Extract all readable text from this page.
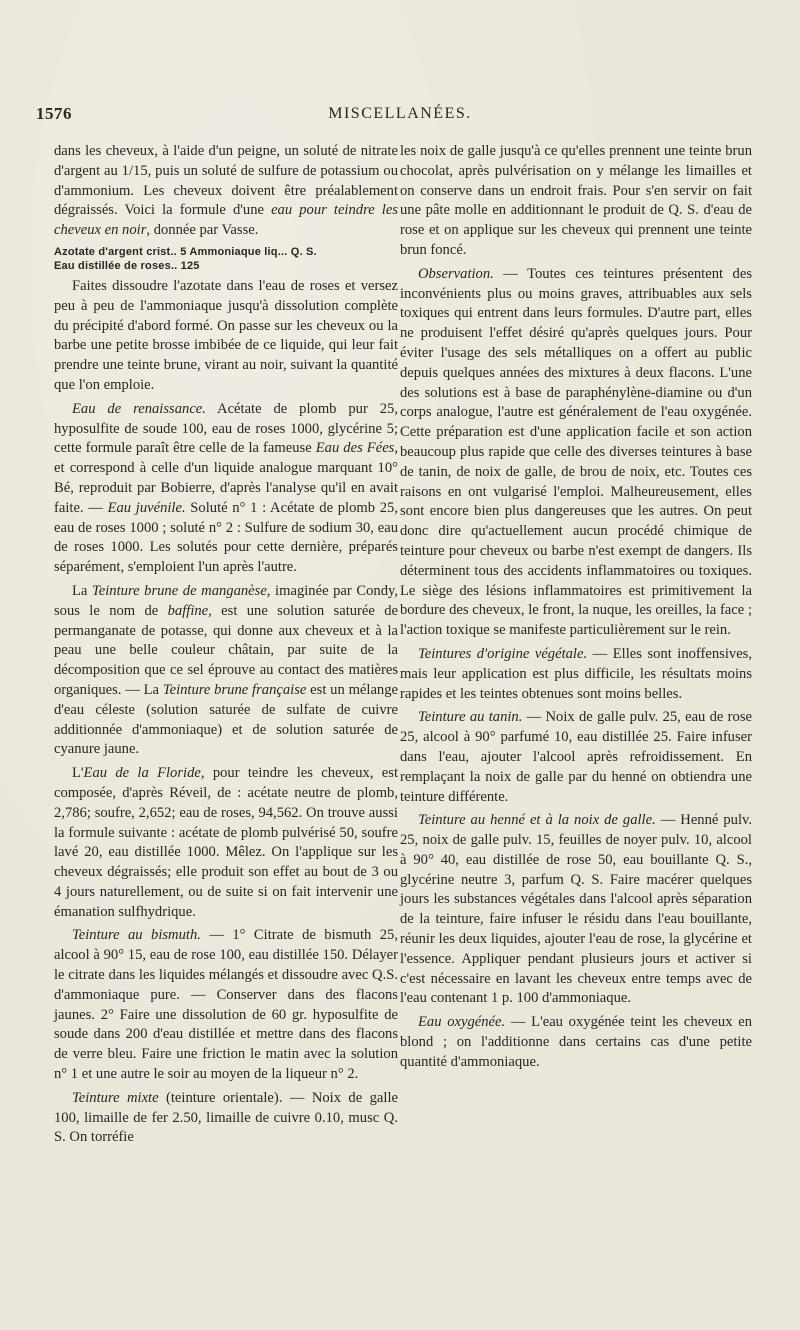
1576	MISCELLANÉES.

dans les cheveux, à l'aide d'un peigne, un soluté de nitrate d'argent au 1/15, puis un soluté de sulfure de potassium ou d'ammonium. Les cheveux doivent être préalablement dégraissés. Voici la formule d'une eau pour teindre les cheveux en noir, donnée par Vasse.

Azotate d'argent crist.. 5 Ammoniaque liq... Q. S.
Eau distillée de roses.. 125

Faites dissoudre l'azotate dans l'eau de roses et versez peu à peu de l'ammoniaque jusqu'à dissolution complète du précipité d'abord formé. On passe sur les cheveux ou la barbe une petite brosse imbibée de ce liquide, qui leur fait prendre une teinte brune, virant au noir, suivant la quantité que l'on emploie.

Eau de renaissance. Acétate de plomb pur 25, hyposulfite de soude 100, eau de roses 1000, glycérine 5; cette formule paraît être celle de la fameuse Eau des Fées, et correspond à celle d'un liquide analogue marquant 10° Bé, reproduit par Bobierre, d'après l'analyse qu'il en avait faite. — Eau juvénile. Soluté n° 1 : Acétate de plomb 25, eau de roses 1000 ; soluté n° 2 : Sulfure de sodium 30, eau de roses 1000. Les solutés pour cette dernière, préparés séparément, s'emploient l'un après l'autre.

La Teinture brune de manganèse, imaginée par Condy, sous le nom de baffine, est une solution saturée de permanganate de potasse, qui donne aux cheveux et à la peau une belle couleur châtain, par suite de la décomposition que ce sel éprouve au contact des matières organiques. — La Teinture brune française est un mélange d'eau céleste (solution saturée de sulfate de cuivre additionnée d'ammoniaque) et de solution saturée de cyanure jaune.

L'Eau de la Floride, pour teindre les cheveux, est composée, d'après Réveil, de : acétate neutre de plomb, 2,786; soufre, 2,652; eau de roses, 94,562. On trouve aussi la formule suivante : acétate de plomb pulvérisé 50, soufre lavé 20, eau distillée 1000. Mêlez. On l'applique sur les cheveux dégraissés; elle produit son effet au bout de 3 ou 4 jours naturellement, ou de suite si on fait intervenir une émanation sulfhydrique.

Teinture au bismuth. — 1° Citrate de bismuth 25, alcool à 90° 15, eau de rose 100, eau distillée 150. Délayer le citrate dans les liquides mélangés et dissoudre avec Q.S. d'ammoniaque pure. — Conserver dans des flacons jaunes. 2° Faire une dissolution de 60 gr. hyposulfite de soude dans 200 d'eau distillée et mettre dans des flacons de verre bleu. Faire une friction le matin avec la solution n° 1 et une autre le soir au moyen de la liqueur n° 2.

Teinture mixte (teinture orientale). — Noix de galle 100, limaille de fer 2.50, limaille de cuivre 0.10, musc Q. S. On torréfie

les noix de galle jusqu'à ce qu'elles prennent une teinte brun chocolat, après pulvérisation on y mélange les limailles et on conserve dans un endroit frais. Pour s'en servir on fait une pâte molle en additionnant le produit de Q. S. d'eau de rose et on applique sur les cheveux qui prennent une teinte brun foncé.

Observation. — Toutes ces teintures présentent des inconvénients plus ou moins graves, attribuables aux sels toxiques qui entrent dans leurs formules. D'autre part, elles ne produisent l'effet désiré qu'après quelques jours. Pour éviter l'usage des sels métalliques on a offert au public depuis quelques années des mixtures à deux flacons. L'une des solutions est à base de paraphénylène-diamine ou d'un corps analogue, l'autre est généralement de l'eau oxygénée. Cette préparation est d'une application facile et son action beaucoup plus rapide que celle des diverses teintures à base de tanin, de noix de galle, de brou de noix, etc. Toutes ces raisons en ont vulgarisé l'emploi. Malheureusement, elles sont encore bien plus dangereuses que les autres. On peut donc dire qu'actuellement aucun procédé chimique de teinture pour cheveux ou barbe n'est exempt de dangers. Ils déterminent tous des accidents inflammatoires ou toxiques. Le siège des lésions inflammatoires est primitivement la bordure des cheveux, le front, la nuque, les oreilles, la face ; l'action toxique se manifeste particulièrement sur le rein.

Teintures d'origine végétale. — Elles sont inoffensives, mais leur application est plus difficile, les résultats moins rapides et les teintes obtenues sont moins belles.

Teinture au tanin. — Noix de galle pulv. 25, eau de rose 25, alcool à 90° parfumé 10, eau distillée 25. Faire infuser dans l'eau, ajouter l'alcool après refroidissement. En remplaçant la noix de galle par du henné on obtiendra une teinture différente.

Teinture au henné et à la noix de galle. — Henné pulv. 25, noix de galle pulv. 15, feuilles de noyer pulv. 10, alcool à 90° 40, eau distillée de rose 50, eau bouillante Q. S., glycérine neutre 3, parfum Q. S. Faire macérer quelques jours les substances végétales dans l'alcool après séparation de la teinture, faire infuser le résidu dans l'eau bouillante, réunir les deux liquides, ajouter l'eau de rose, la glycérine et l'essence. Appliquer pendant plusieurs jours et activer si c'est nécessaire en lavant les cheveux entre temps avec de l'eau contenant 1 p. 100 d'ammoniaque.

Eau oxygénée. — L'eau oxygénée teint les cheveux en blond ; on l'additionne dans certains cas d'une petite quantité d'ammoniaque.
